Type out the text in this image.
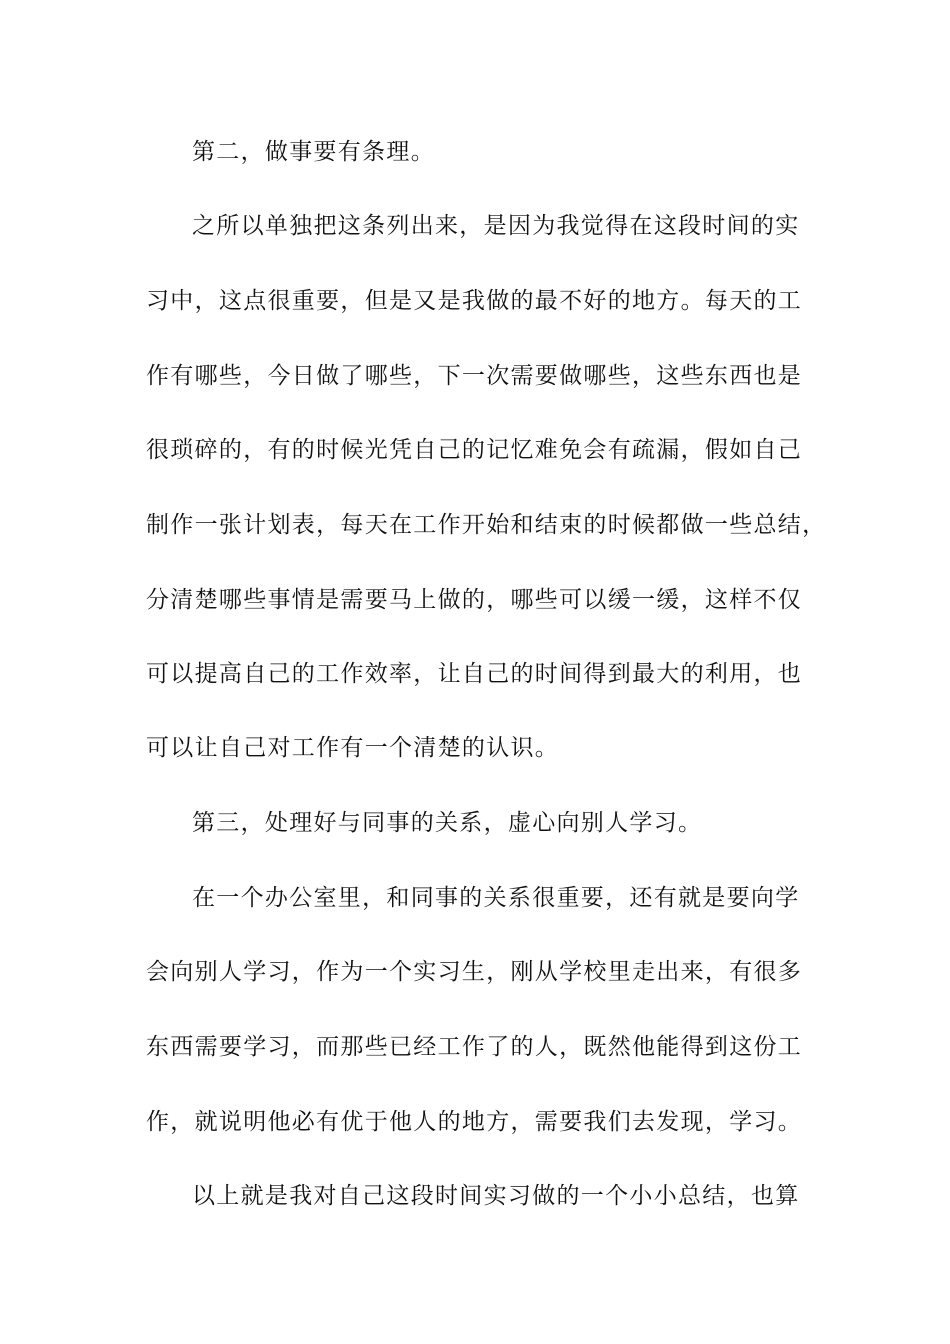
第二，做事要有条理。
之所以单独把这条列出来，是因为我觉得在这段时间的实
习中，这点很重要，但是又是我做的最不好的地方。每天的工
作有哪些，今日做了哪些，下一次需要做哪些，这些东西也是
很琐碎的，有的时候光凭自己的记忆难免会有疏漏，假如自己
制作一张计划表，每天在工作开始和结束的时候都做一些总结，
分清楚哪些事情是需要马上做的，哪些可以缓一缓，这样不仅
可以提高自己的工作效率，让自己的时间得到最大的利用，也
可以让自己对工作有一个清楚的认识。
第三，处理好与同事的关系，虚心向别人学习。
在一个办公室里，和同事的关系很重要，还有就是要向学
会向别人学习，作为一个实习生，刚从学校里走出来，有很多
东西需要学习，而那些已经工作了的人，既然他能得到这份工
作，就说明他必有优于他人的地方，需要我们去发现，学习。
以上就是我对自己这段时间实习做的一个小小总结，也算
